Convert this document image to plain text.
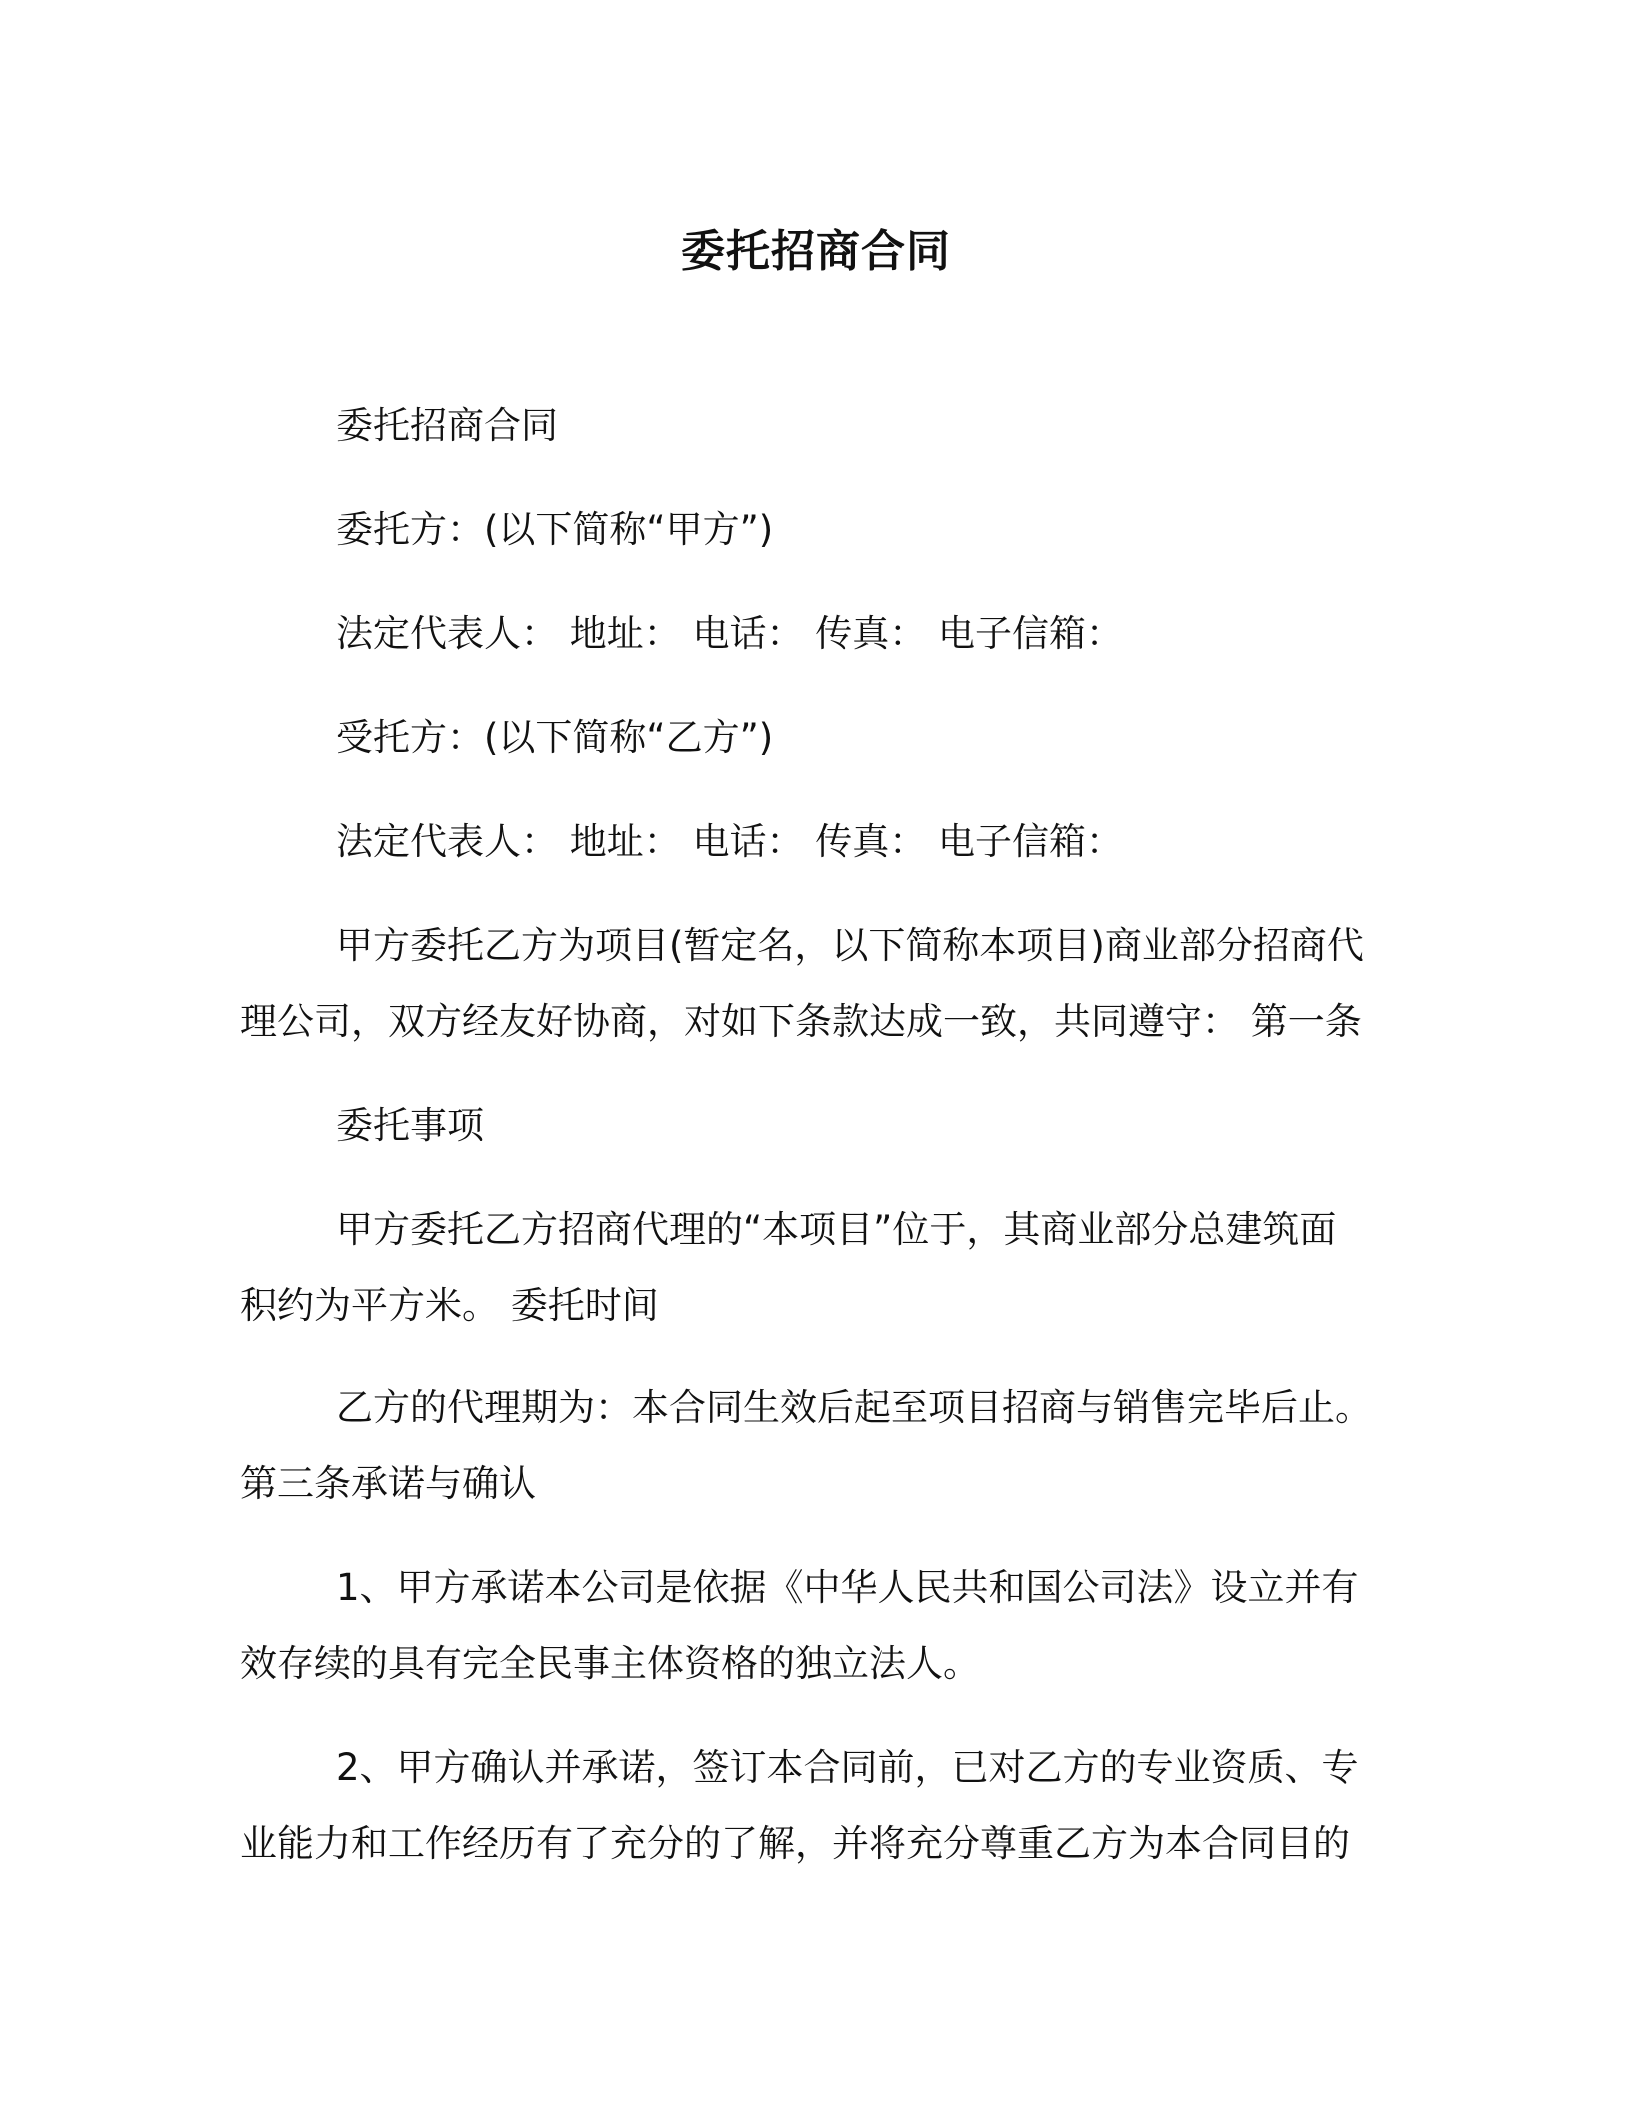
委托招商合同

委托招商合同

委托方：(以下简称“甲方”)

法定代表人： 地址： 电话： 传真： 电子信箱：

受托方：(以下简称“乙方”)

法定代表人： 地址： 电话： 传真： 电子信箱：

甲方委托乙方为项目(暂定名，以下简称本项目)商业部分招商代
理公司，双方经友好协商，对如下条款达成一致，共同遵守： 第一条

委托事项

甲方委托乙方招商代理的“本项目”位于，其商业部分总建筑面
积约为平方米。 委托时间

乙方的代理期为：本合同生效后起至项目招商与销售完毕后止。
第三条承诺与确认

1、甲方承诺本公司是依据《中华人民共和国公司法》设立并有
效存续的具有完全民事主体资格的独立法人。

2、甲方确认并承诺，签订本合同前，已对乙方的专业资质、专
业能力和工作经历有了充分的了解，并将充分尊重乙方为本合同目的
